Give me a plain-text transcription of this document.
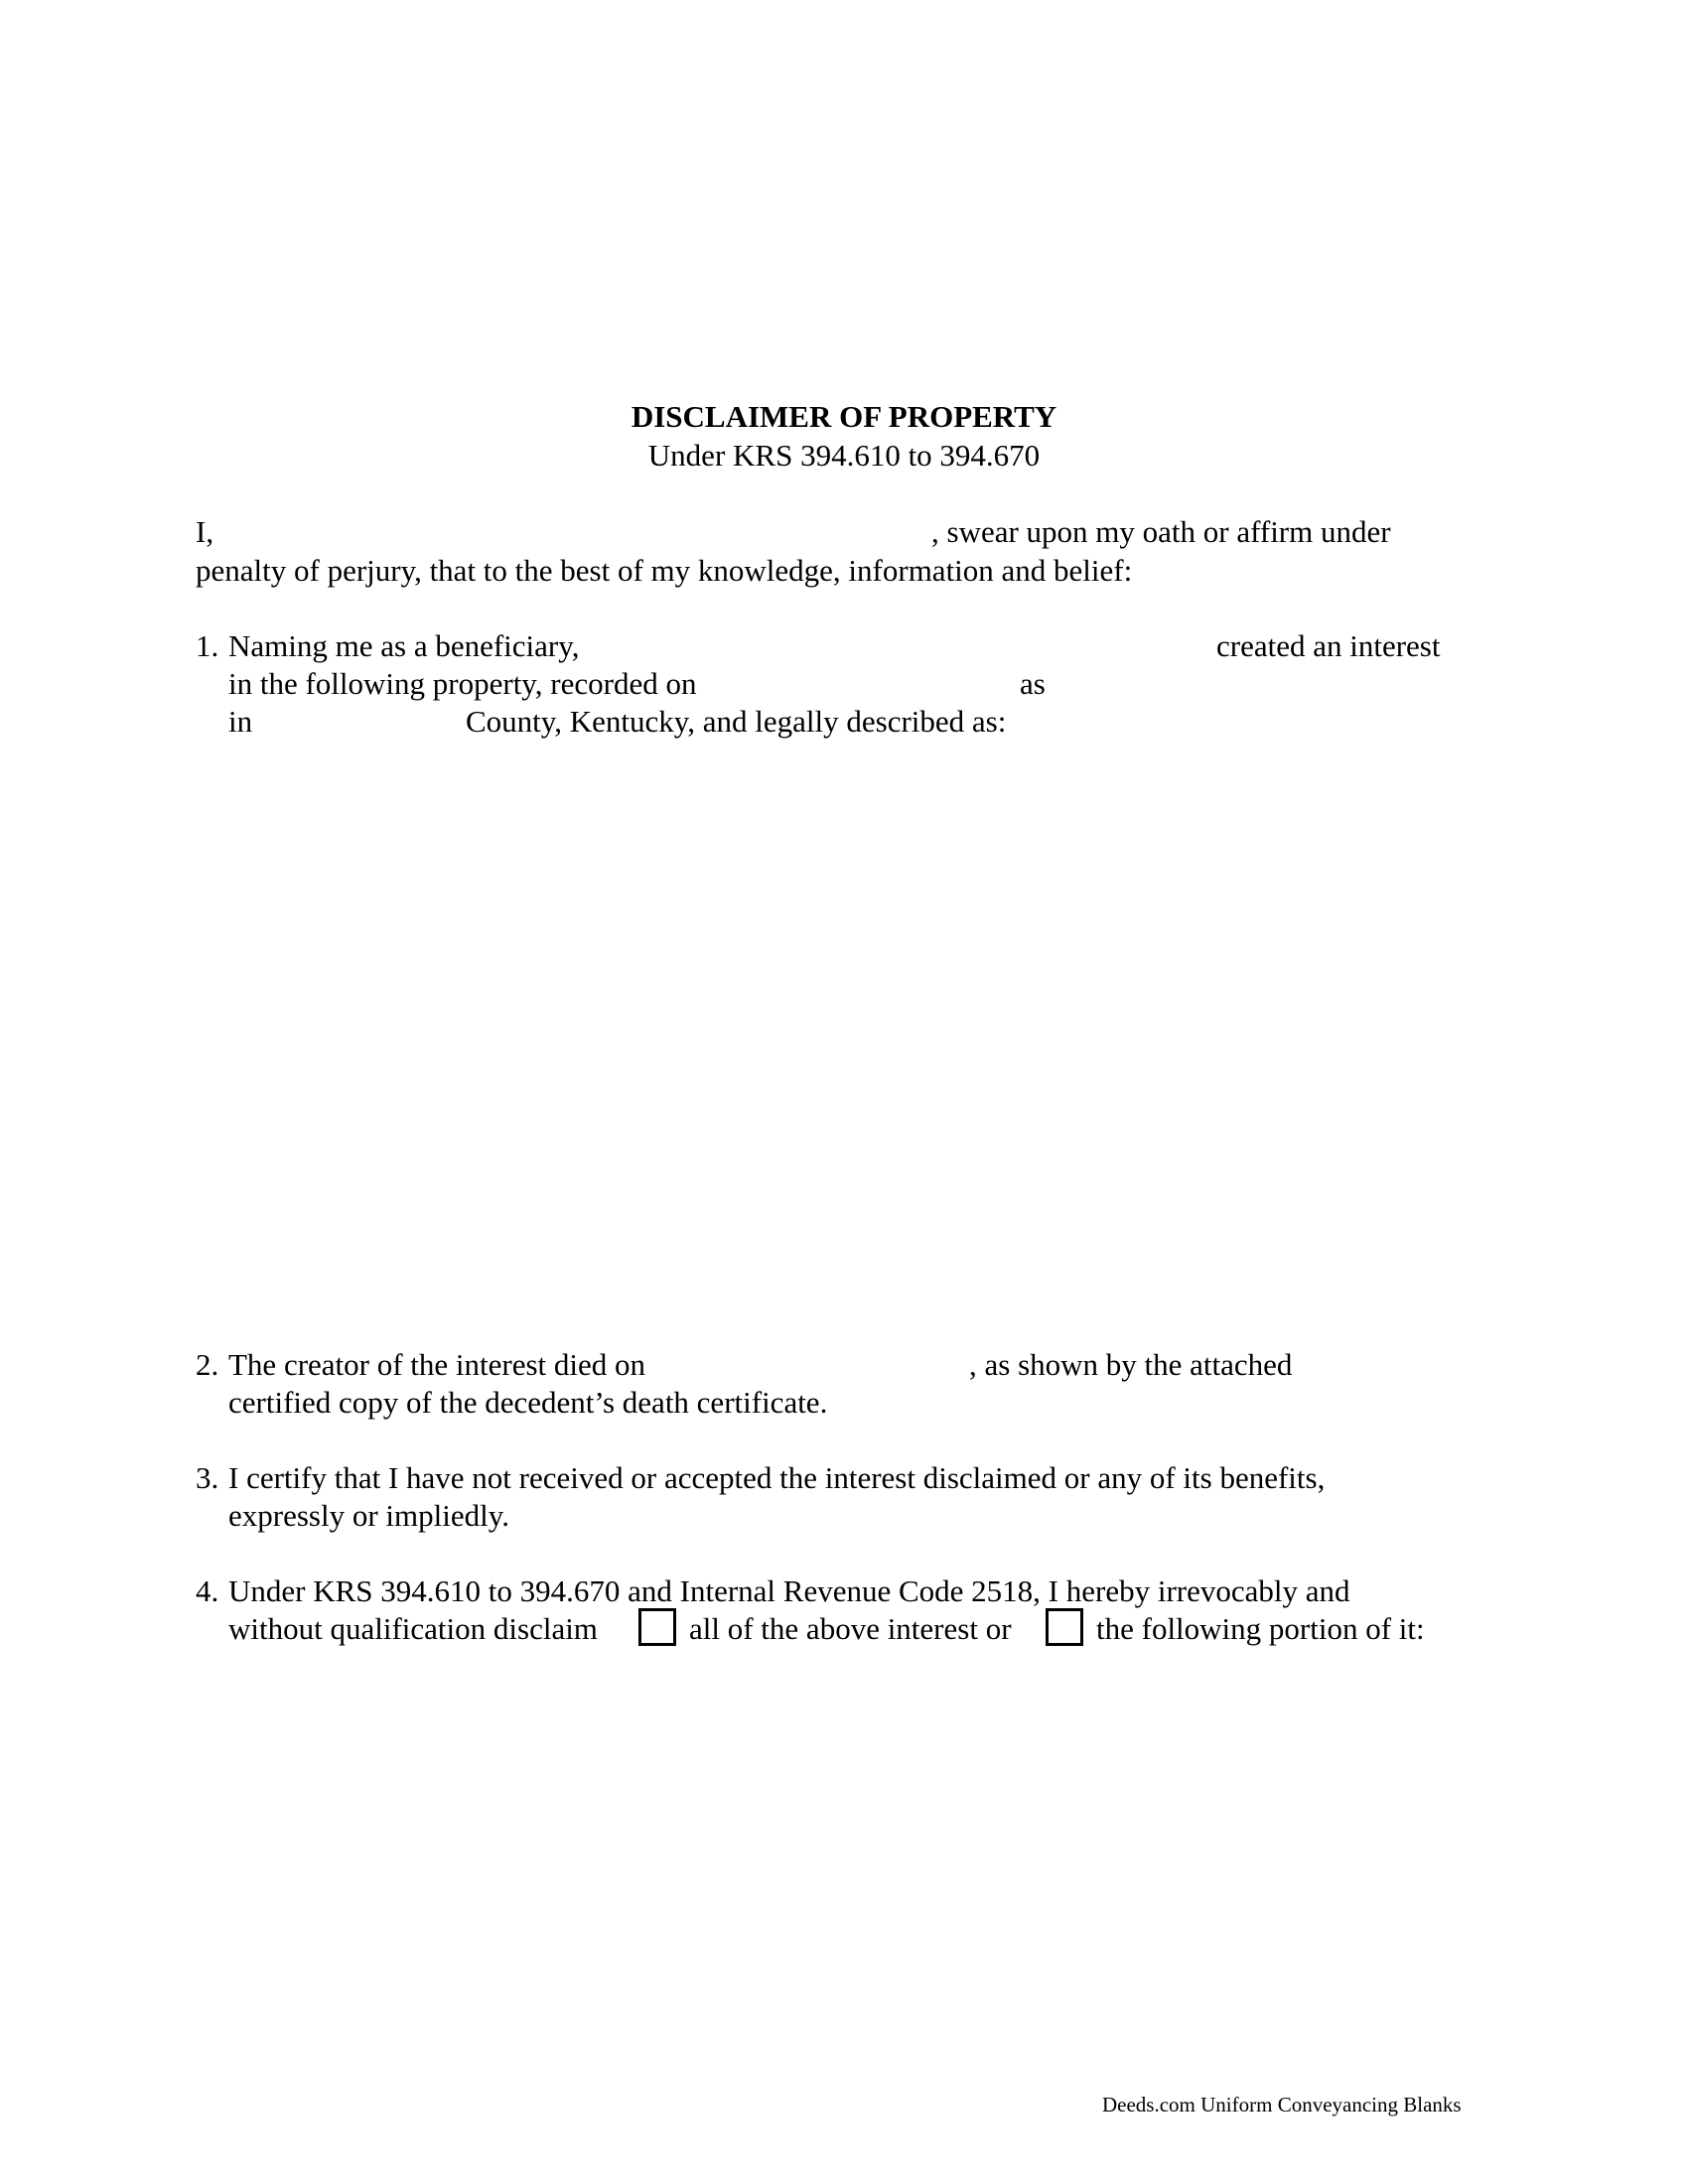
DISCLAIMER OF PROPERTY
Under KRS 394.610 to 394.670
I,	, swear upon my oath or affirm under
penalty of perjury, that to the best of my knowledge, information and belief:
1. Naming me as a beneficiary,	created an interest
in the following property, recorded on	as
in	County, Kentucky, and legally described as:
2. The creator of the interest died on	, as shown by the attached
certified copy of the decedent’s death certificate.
3. I certify that I have not received or accepted the interest disclaimed or any of its benefits,
expressly or impliedly.
4. Under KRS 394.610 to 394.670 and Internal Revenue Code 2518, I hereby irrevocably and
without qualification disclaim	all of the above interest or	the following portion of it:
Deeds.com Uniform Conveyancing Blanks
